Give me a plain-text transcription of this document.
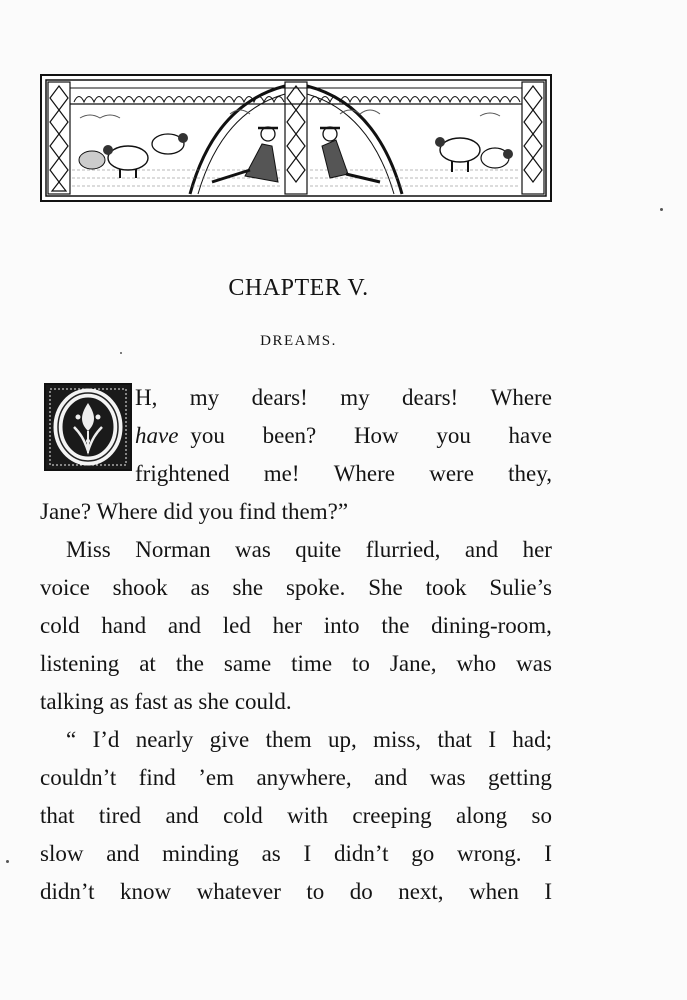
CHAPTER V.
DREAMS.
H, my dears! my dears! Where
have you been? How you have
frightened me! Where were they,
Jane? Where did you find them?”
Miss Norman was quite flurried, and her
voice shook as she spoke. She took Sulie’s
cold hand and led her into the dining-room,
listening at the same time to Jane, who was
talking as fast as she could.
“ I’d nearly give them up, miss, that I had;
couldn’t find ’em anywhere, and was getting
that tired and cold with creeping along so
slow and minding as I didn’t go wrong. I
didn’t know whatever to do next, when I
